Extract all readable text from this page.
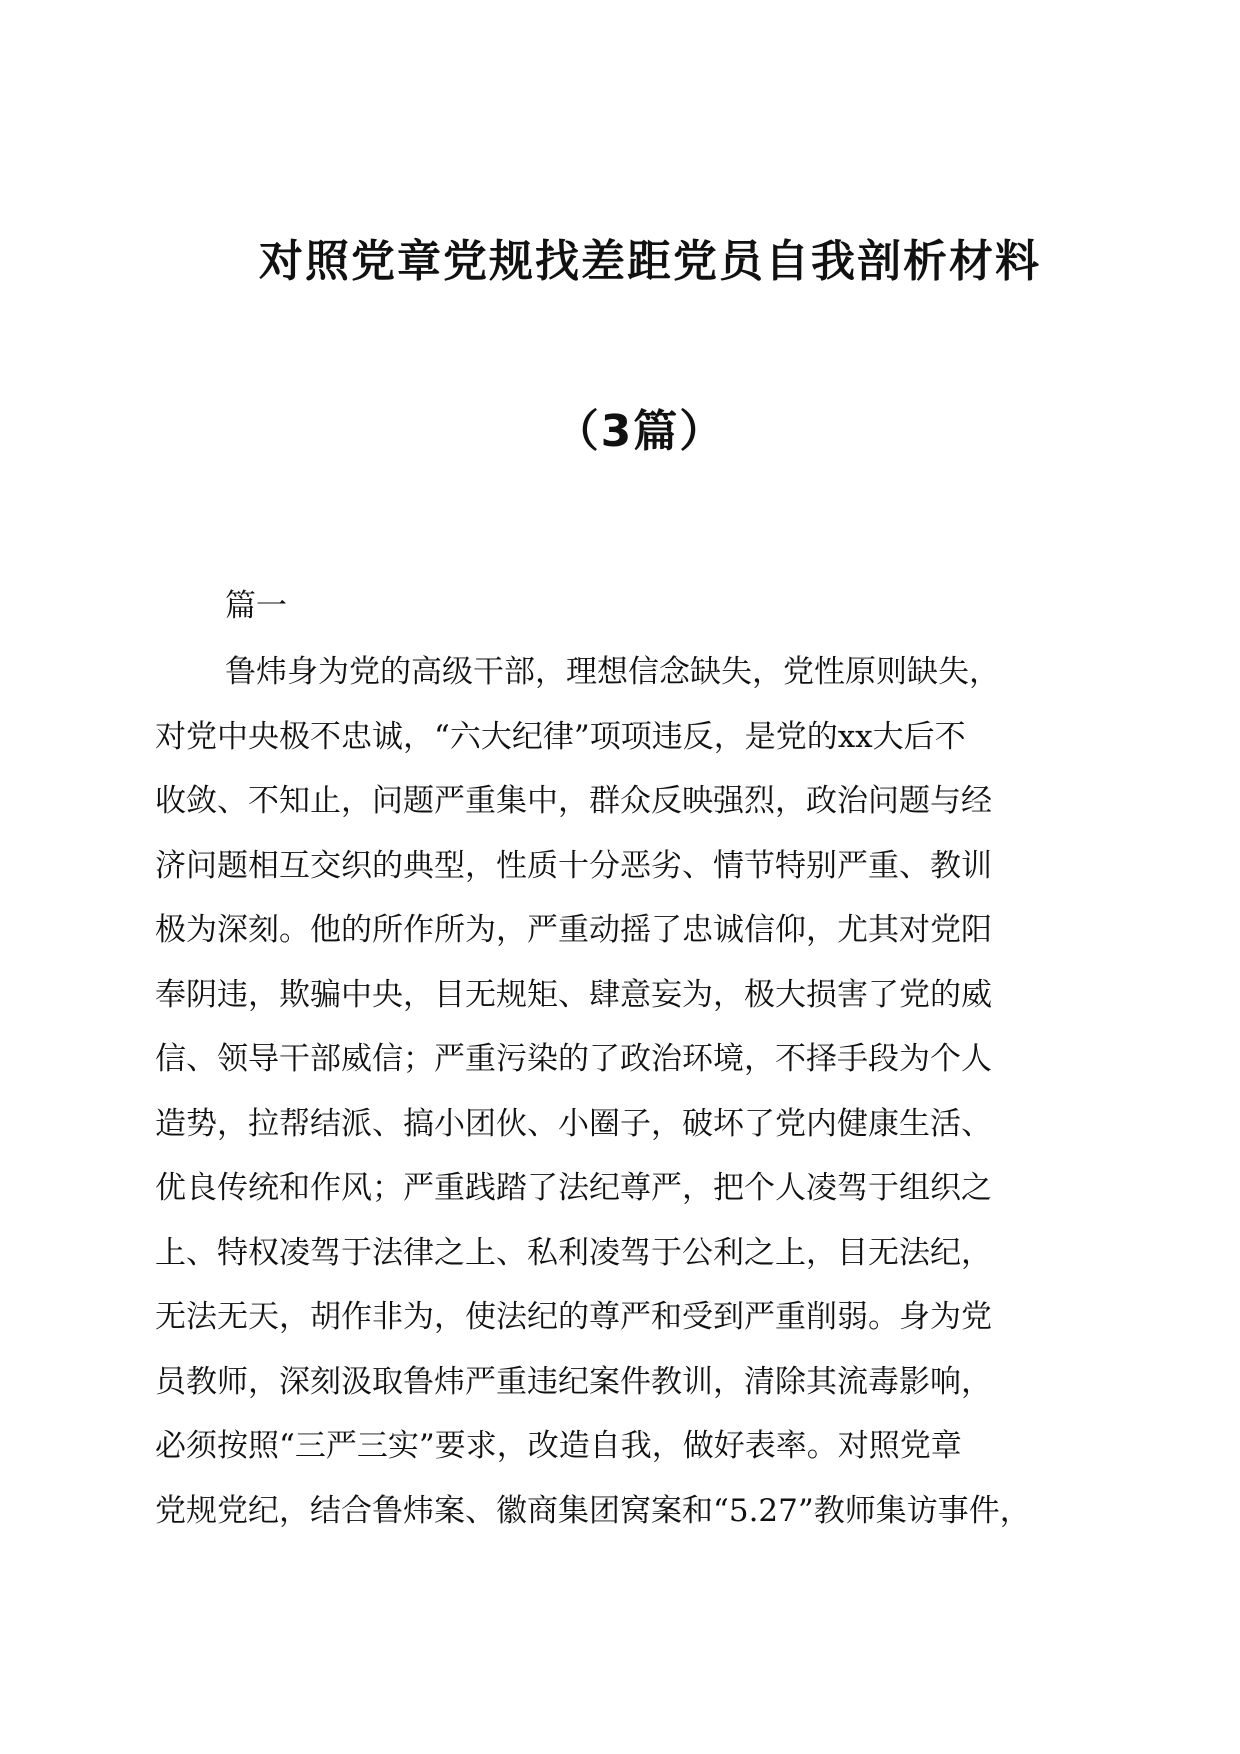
对照党章党规找差距党员自我剖析材料
（3篇）

篇一

鲁炜身为党的高级干部，理想信念缺失，党性原则缺失，
对党中央极不忠诚，“六大纪律”项项违反，是党的xx大后不
收敛、不知止，问题严重集中，群众反映强烈，政治问题与经
济问题相互交织的典型，性质十分恶劣、情节特别严重、教训
极为深刻。他的所作所为，严重动摇了忠诚信仰，尤其对党阳
奉阴违，欺骗中央，目无规矩、肆意妄为，极大损害了党的威
信、领导干部威信；严重污染的了政治环境，不择手段为个人
造势，拉帮结派、搞小团伙、小圈子，破坏了党内健康生活、
优良传统和作风；严重践踏了法纪尊严，把个人凌驾于组织之
上、特权凌驾于法律之上、私利凌驾于公利之上，目无法纪，
无法无天，胡作非为，使法纪的尊严和受到严重削弱。身为党
员教师，深刻汲取鲁炜严重违纪案件教训，清除其流毒影响，
必须按照“三严三实”要求，改造自我，做好表率。对照党章
党规党纪，结合鲁炜案、徽商集团窝案和“5.27”教师集访事件，
